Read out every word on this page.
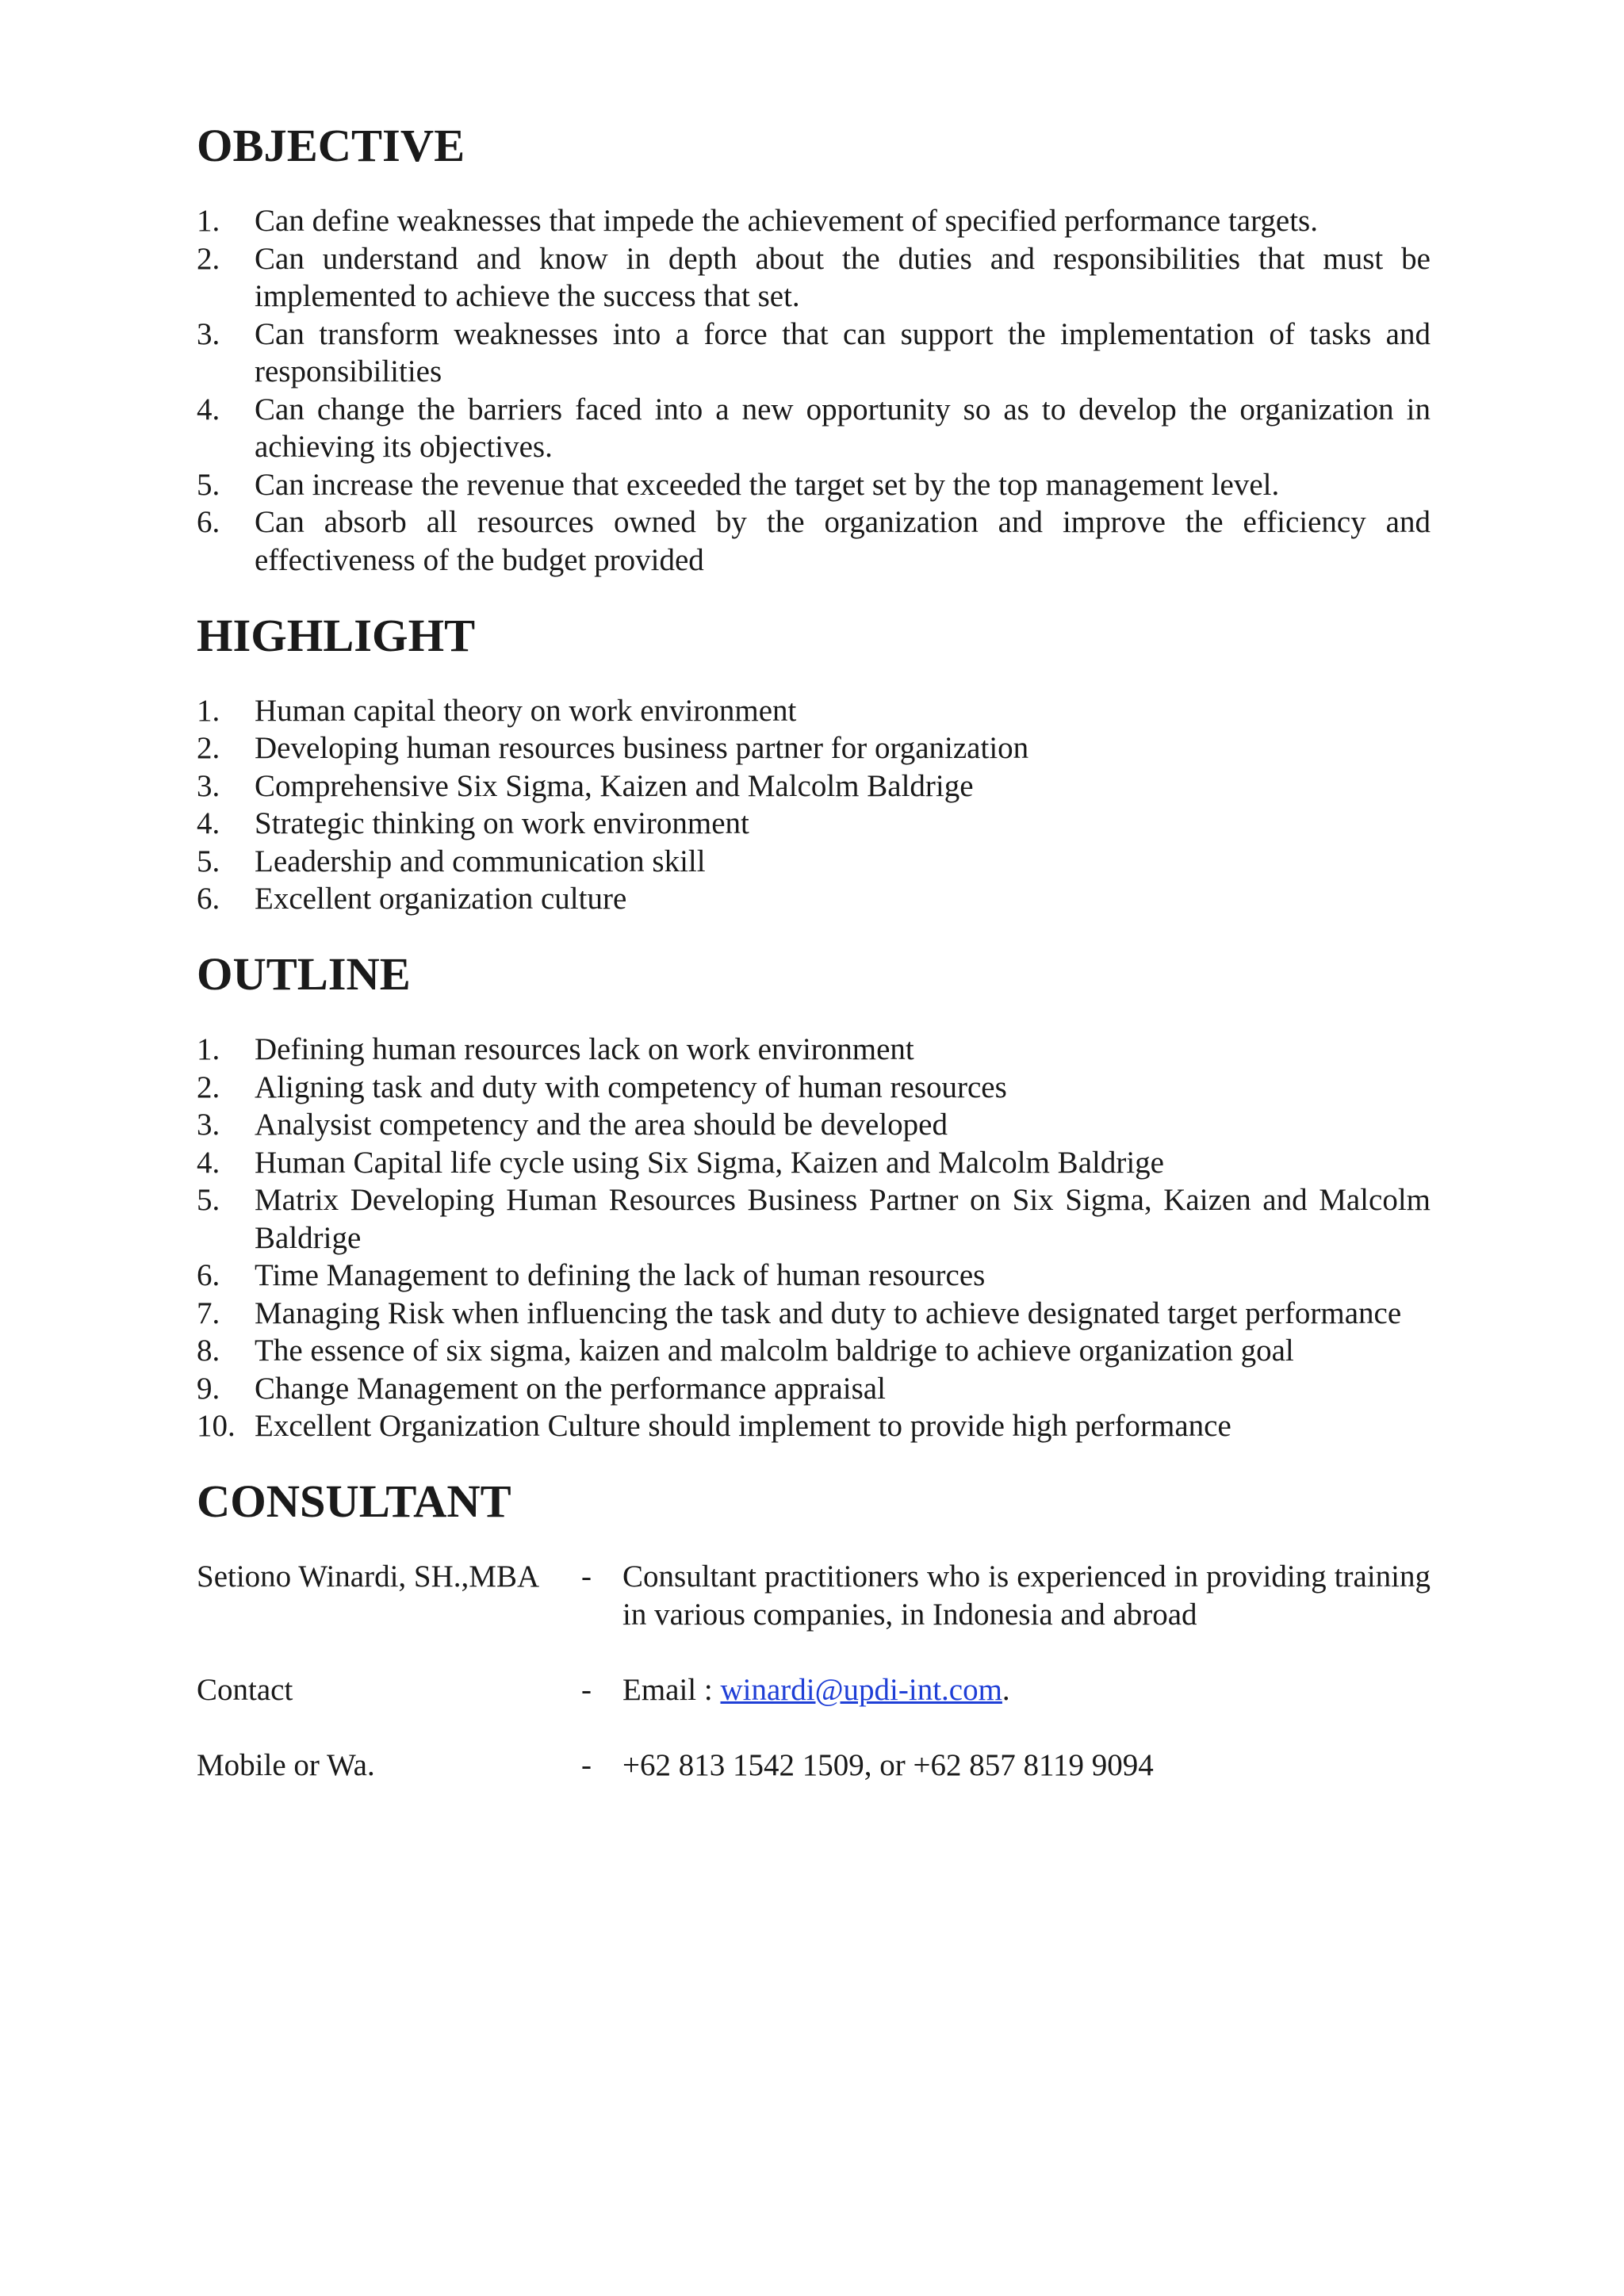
OBJECTIVE
1. Can define weaknesses that impede the achievement of specified performance targets.
2. Can understand and know in depth about the duties and responsibilities that must be implemented to achieve the success that set.
3. Can transform weaknesses into a force that can support the implementation of tasks and responsibilities
4. Can change the barriers faced into a new opportunity so as to develop the organization in achieving its objectives.
5. Can increase the revenue that exceeded the target set by the top management level.
6. Can absorb all resources owned by the organization and improve the efficiency and effectiveness of the budget provided
HIGHLIGHT
1. Human capital theory on work environment
2. Developing human resources business partner for organization
3. Comprehensive Six Sigma, Kaizen and Malcolm Baldrige
4. Strategic thinking on work environment
5. Leadership and communication skill
6. Excellent organization culture
OUTLINE
1. Defining human resources lack on work environment
2. Aligning task and duty with competency of human resources
3. Analysist competency and the area should be developed
4. Human Capital life cycle using Six Sigma, Kaizen and Malcolm Baldrige
5. Matrix Developing Human Resources Business Partner on Six Sigma, Kaizen and Malcolm Baldrige
6. Time Management to defining the lack of human resources
7. Managing Risk when influencing the task and duty to achieve designated target performance
8. The essence of six sigma, kaizen and malcolm baldrige to achieve organization goal
9. Change Management on the performance appraisal
10. Excellent Organization Culture should implement to provide high performance
CONSULTANT
Setiono Winardi, SH.,MBA	-	Consultant practitioners who is experienced in providing training in various companies, in Indonesia and abroad
Contact	-	Email : winardi@updi-int.com.
Mobile or Wa.	-	+62 813 1542 1509, or +62 857 8119 9094
